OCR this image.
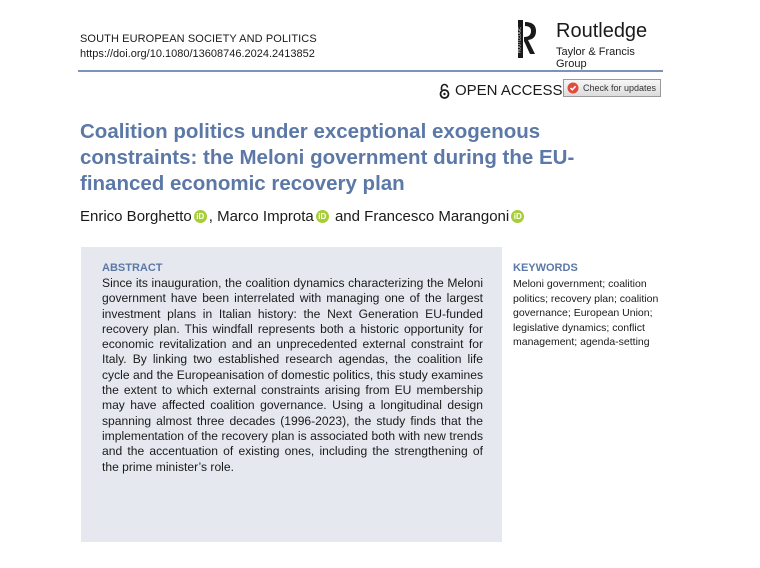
SOUTH EUROPEAN SOCIETY AND POLITICS
https://doi.org/10.1080/13608746.2024.2413852
ROUTLEDGE Routledge
Taylor & Francis Group
OPEN ACCESS Check for updates
Coalition politics under exceptional exogenous constraints: the Meloni government during the EU-financed economic recovery plan
Enrico Borghetto iD , Marco Improta iD and Francesco Marangoni iD
ABSTRACT

Since its inauguration, the coalition dynamics characterizing the Meloni government have been interrelated with managing one of the largest investment plans in Italian history: the Next Generation EU-funded recovery plan. This windfall represents both a historic opportunity for economic revitalization and an unprecedented external constraint for Italy. By linking two established research agendas, the coalition life cycle and the Europeanisation of domestic politics, this study examines the extent to which external constraints arising from EU membership may have affected coalition governance. Using a longitudinal design spanning almost three decades (1996-2023), the study finds that the implementation of the recovery plan is associated both with new trends and the accentuation of existing ones, including the strengthening of the prime minister’s role.

KEYWORDS
Meloni government; coalition politics; recovery plan; coalition governance; European Union; legislative dynamics; conflict management; agenda-setting
